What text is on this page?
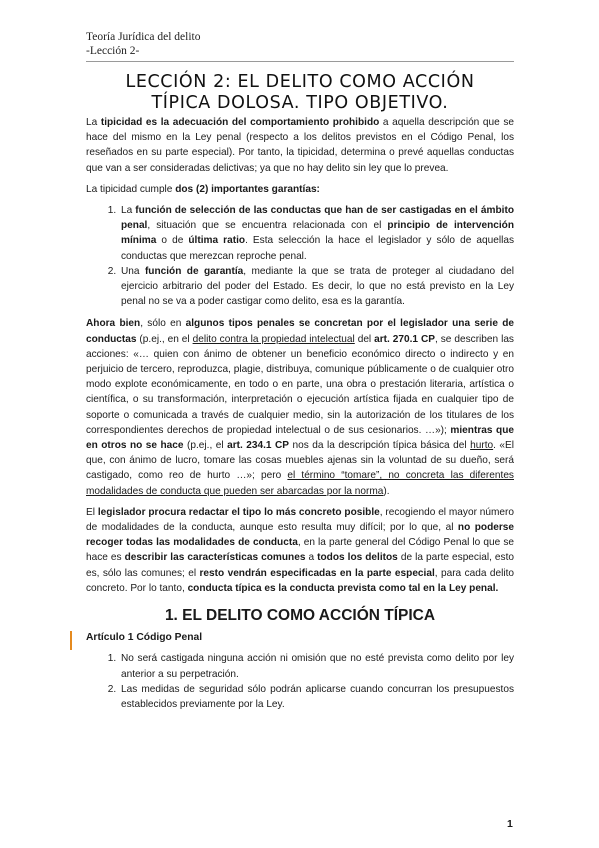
Teoría Jurídica del delito
-Lección 2-
LECCIÓN 2: EL DELITO COMO ACCIÓN
TÍPICA DOLOSA. TIPO OBJETIVO.

La tipicidad es la adecuación del comportamiento prohibido a aquella descripción que se hace del mismo en la Ley penal (respecto a los delitos previstos en el Código Penal, los reseñados en su parte especial). Por tanto, la tipicidad, determina o prevé aquellas conductas que van a ser consideradas delictivas; ya que no hay delito sin ley que lo prevea.

La tipicidad cumple dos (2) importantes garantías:

1. La función de selección de las conductas que han de ser castigadas en el ámbito penal, situación que se encuentra relacionada con el principio de intervención mínima o de última ratio. Esta selección la hace el legislador y sólo de aquellas conductas que merezcan reproche penal.
2. Una función de garantía, mediante la que se trata de proteger al ciudadano del ejercicio arbitrario del poder del Estado. Es decir, lo que no está previsto en la Ley penal no se va a poder castigar como delito, esa es la garantía.

Ahora bien, sólo en algunos tipos penales se concretan por el legislador una serie de conductas (p.ej., en el delito contra la propiedad intelectual del art. 270.1 CP, se describen las acciones: «… quien con ánimo de obtener un beneficio económico directo o indirecto y en perjuicio de tercero, reproduzca, plagie, distribuya, comunique públicamente o de cualquier otro modo explote económicamente, en todo o en parte, una obra o prestación literaria, artística o científica, o su transformación, interpretación o ejecución artística fijada en cualquier tipo de soporte o comunicada a través de cualquier medio, sin la autorización de los titulares de los correspondientes derechos de propiedad intelectual o de sus cesionarios. …»); mientras que en otros no se hace (p.ej., el art. 234.1 CP nos da la descripción típica básica del hurto. «El que, con ánimo de lucro, tomare las cosas muebles ajenas sin la voluntad de su dueño, será castigado, como reo de hurto …»; pero el término “tomare”, no concreta las diferentes modalidades de conducta que pueden ser abarcadas por la norma).

El legislador procura redactar el tipo lo más concreto posible, recogiendo el mayor número de modalidades de la conducta, aunque esto resulta muy difícil; por lo que, al no poderse recoger todas las modalidades de conducta, en la parte general del Código Penal lo que se hace es describir las características comunes a todos los delitos de la parte especial, esto es, sólo las comunes; el resto vendrán especificadas en la parte especial, para cada delito concreto. Por lo tanto, conducta típica es la conducta prevista como tal en la Ley penal.

1. EL DELITO COMO ACCIÓN TÍPICA
Artículo 1 Código Penal
1. No será castigada ninguna acción ni omisión que no esté prevista como delito por ley anterior a su perpetración.
2. Las medidas de seguridad sólo podrán aplicarse cuando concurran los presupuestos establecidos previamente por la Ley.
1
